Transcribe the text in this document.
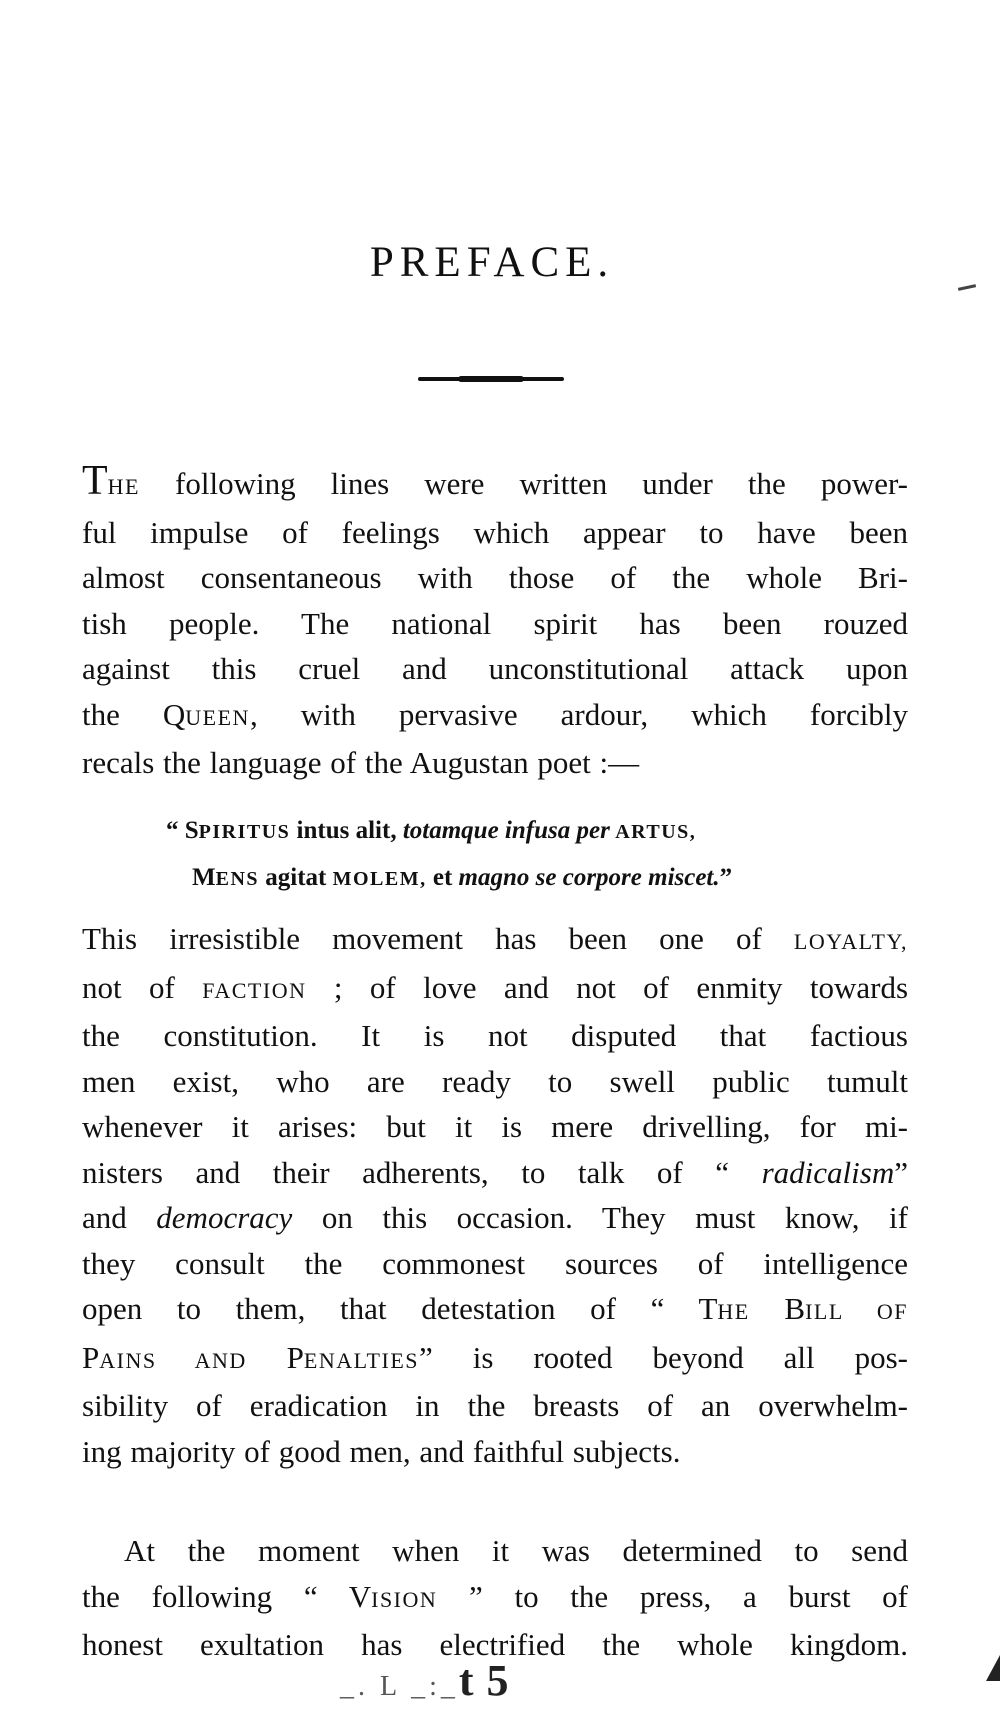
PREFACE.
THE following lines were written under the power-
ful impulse of feelings which appear to have been
almost consentaneous with those of the whole Bri-
tish people. The national spirit has been rouzed
against this cruel and unconstitutional attack upon
the QUEEN, with pervasive ardour, which forcibly
recals the language of the Augustan poet :—
“ SPIRITUS intus alit, totamque infusa per ARTUS,
MENS agitat MOLEM, et magno se corpore miscet.”
This irresistible movement has been one of LOYALTY,
not of FACTION ; of love and not of enmity towards
the constitution. It is not disputed that factious
men exist, who are ready to swell public tumult
whenever it arises: but it is mere drivelling, for mi-
nisters and their adherents, to talk of “ radicalism”
and democracy on this occasion. They must know, if
they consult the commonest sources of intelligence
open to them, that detestation of “ THE BILL OF
PAINS AND PENALTIES” is rooted beyond all pos-
sibility of eradication in the breasts of an overwhelm-
ing majority of good men, and faithful subjects.
At the moment when it was determined to send
the following “ VISION ” to the press, a burst of
honest exultation has electrified the whole kingdom.
_. L _:_t 5
